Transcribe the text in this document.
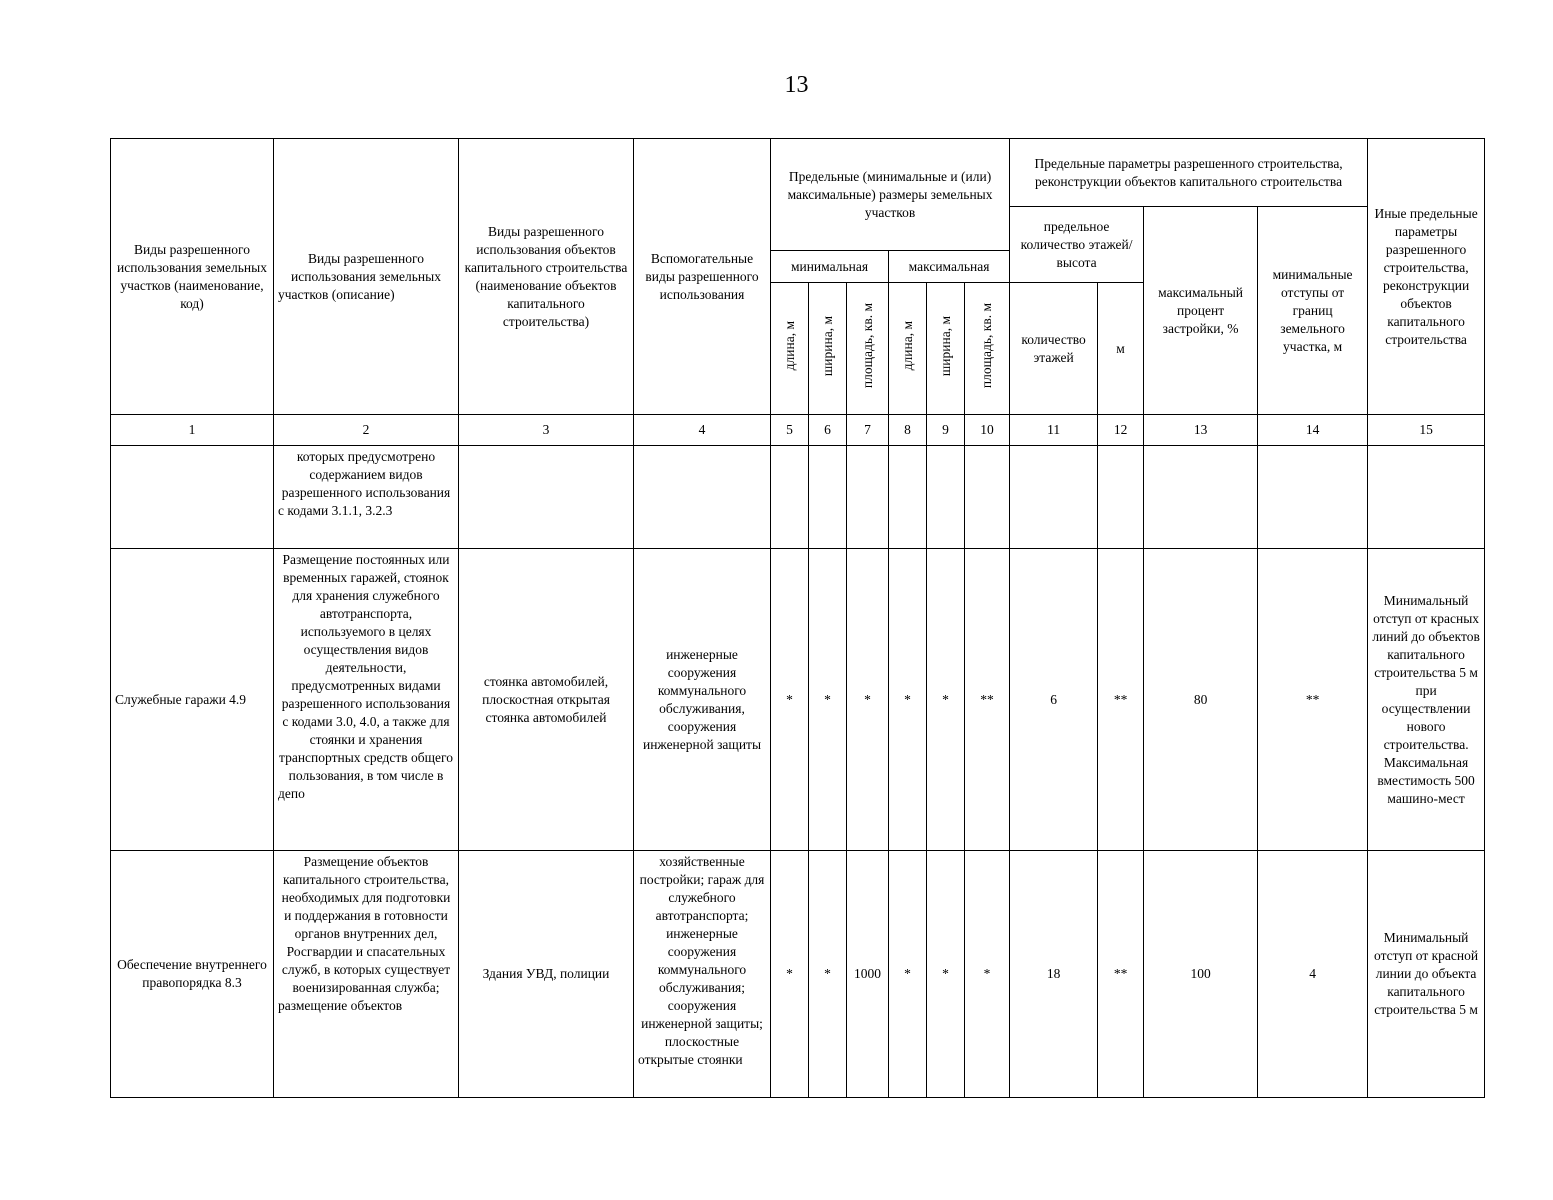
13
Виды разрешенного использования земельных участков (наименование, код)	Виды разрешенного использования земельных участков (описание)	Виды разрешенного использования объектов капитального строительства (наименование объектов капитального строительства)	Вспомогательные виды разрешенного использования	Предельные (минимальные и (или) максимальные) размеры земельных участков						Предельные параметры разрешенного строительства, реконструкции объектов капитального строительства				Иные предельные параметры разрешенного строительства, реконструкции объектов капитального строительства
										предельное количество этажей/высота		максимальный процент застройки, %	минимальные отступы от границ земельного участка, м	
				минимальная			максимальная							
				длина, м	ширина, м	площадь, кв. м	длина, м	ширина, м	площадь, кв. м	количество этажей	м			
1	2	3	4	5	6	7	8	9	10	11	12	13	14	15
	которых предусмотрено содержанием видов разрешенного использования с кодами 3.1.1, 3.2.3													
Служебные гаражи 4.9	Размещение постоянных или временных гаражей, стоянок для хранения служебного автотранспорта, используемого в целях осуществления видов деятельности, предусмотренных видами разрешенного использования с кодами 3.0, 4.0, а также для стоянки и хранения транспортных средств общего пользования, в том числе в депо	стоянка автомобилей, плоскостная открытая стоянка автомобилей	инженерные сооружения коммунального обслуживания, сооружения инженерной защиты	*	*	*	*	*	**	6	**	80	**	Минимальный отступ от красных линий до объектов капитального строительства 5 м при осуществлении нового строительства. Максимальная вместимость 500 машино-мест
Обеспечение внутреннего правопорядка 8.3	Размещение объектов капитального строительства, необходимых для подготовки и поддержания в готовности органов внутренних дел, Росгвардии и спасательных служб, в которых существует военизированная служба; размещение объектов	Здания УВД, полиции	хозяйственные постройки; гараж для служебного автотранспорта; инженерные сооружения коммунального обслуживания; сооружения инженерной защиты; плоскостные открытые стоянки	*	*	1000	*	*	*	18	**	100	4	Минимальный отступ от красной линии до объекта капитального строительства 5 м
